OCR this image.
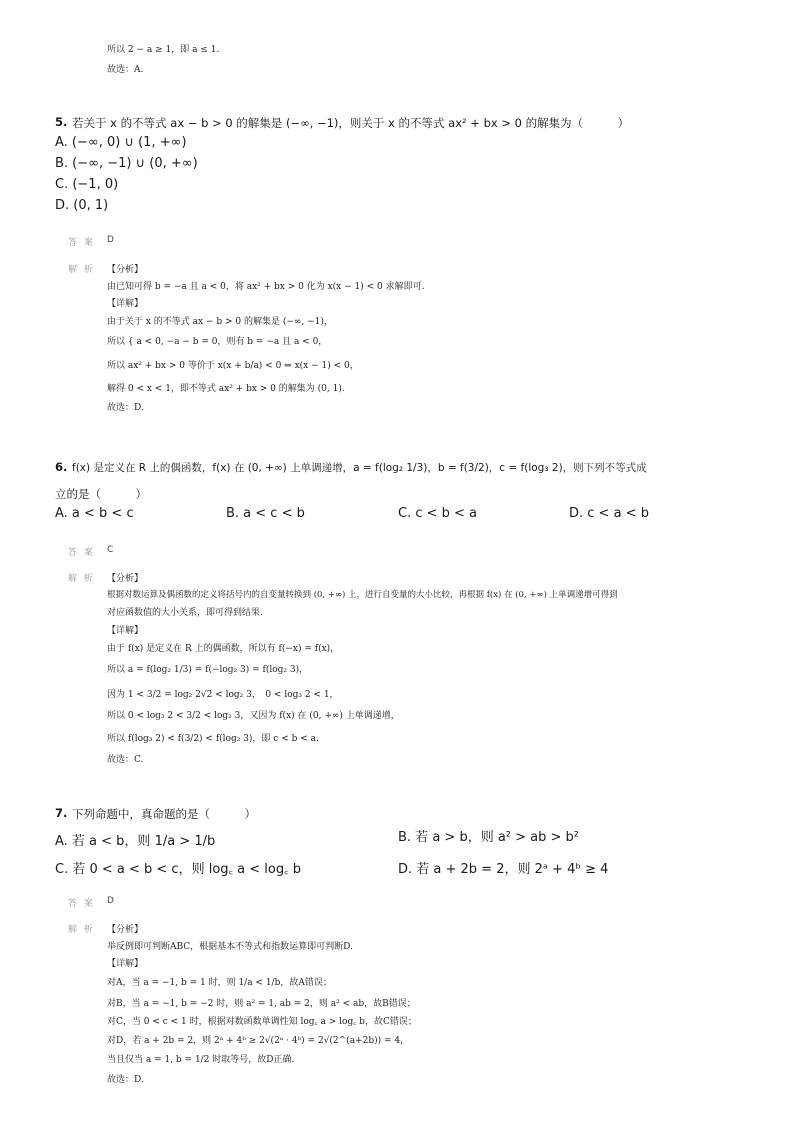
所以 2 − a ≥ 1，即 a ≤ 1.
故选：A.
5. 若关于 x 的不等式 ax − b > 0 的解集是 (−∞, −1)，则关于 x 的不等式 ax² + bx > 0 的解集为（　　　）
A. (−∞, 0) ∪ (1, +∞)
B. (−∞, −1) ∪ (0, +∞)
C. (−1, 0)
D. (0, 1)
答 案 D
解 析 【分析】
由已知可得 b = −a 且 a < 0，将 ax² + bx > 0 化为 x(x − 1) < 0 求解即可.
【详解】
由于关于 x 的不等式 ax − b > 0 的解集是 (−∞, −1)，
所以 { a < 0, −a − b = 0，则有 b = −a 且 a < 0，
所以 ax² + bx > 0 等价于 x(x + b/a) < 0 ⇔ x(x − 1) < 0，
解得 0 < x < 1，即不等式 ax² + bx > 0 的解集为 (0, 1).
故选：D.
6. f(x) 是定义在 R 上的偶函数，f(x) 在 (0, +∞) 上单调递增，a = f(log₂ 1/3)，b = f(3/2)，c = f(log₃ 2)，则下列不等式成
立的是（　　　）
A. a < b < c	B. a < c < b	C. c < b < a	D. c < a < b
答 案 C
解 析 【分析】
根据对数运算及偶函数的定义将括号内的自变量转换到 (0, +∞) 上，进行自变量的大小比较，再根据 f(x) 在 (0, +∞) 上单调递增可得到
对应函数值的大小关系，即可得到结果.
【详解】
由于 f(x) 是定义在 R 上的偶函数，所以有 f(−x) = f(x)，
所以 a = f(log₂ 1/3) = f(−log₂ 3) = f(log₂ 3)，
因为 1 < 3/2 = log₂ 2√2 < log₂ 3，　0 < log₃ 2 < 1，
所以 0 < log₃ 2 < 3/2 < log₂ 3，又因为 f(x) 在 (0, +∞) 上单调递增，
所以 f(log₃ 2) < f(3/2) < f(log₂ 3)，即 c < b < a.
故选：C.
7. 下列命题中，真命题的是（　　　）
A. 若 a < b，则 1/a > 1/b	B. 若 a > b，则 a² > ab > b²
C. 若 0 < a < b < c，则 log꜀ a < log꜀ b	D. 若 a + 2b = 2，则 2ᵃ + 4ᵇ ≥ 4
答 案 D
解 析 【分析】
举反例即可判断ABC，根据基本不等式和指数运算即可判断D.
【详解】
对A，当 a = −1, b = 1 时，则 1/a < 1/b，故A错误；
对B，当 a = −1, b = −2 时，则 a² = 1, ab = 2，则 a² < ab，故B错误；
对C，当 0 < c < 1 时，根据对数函数单调性知 log꜀ a > log꜀ b，故C错误；
对D，若 a + 2b = 2，则 2ᵃ + 4ᵇ ≥ 2√(2ᵃ · 4ᵇ) = 2√(2^(a+2b)) = 4，
当且仅当 a = 1, b = 1/2 时取等号，故D正确.
故选：D.
